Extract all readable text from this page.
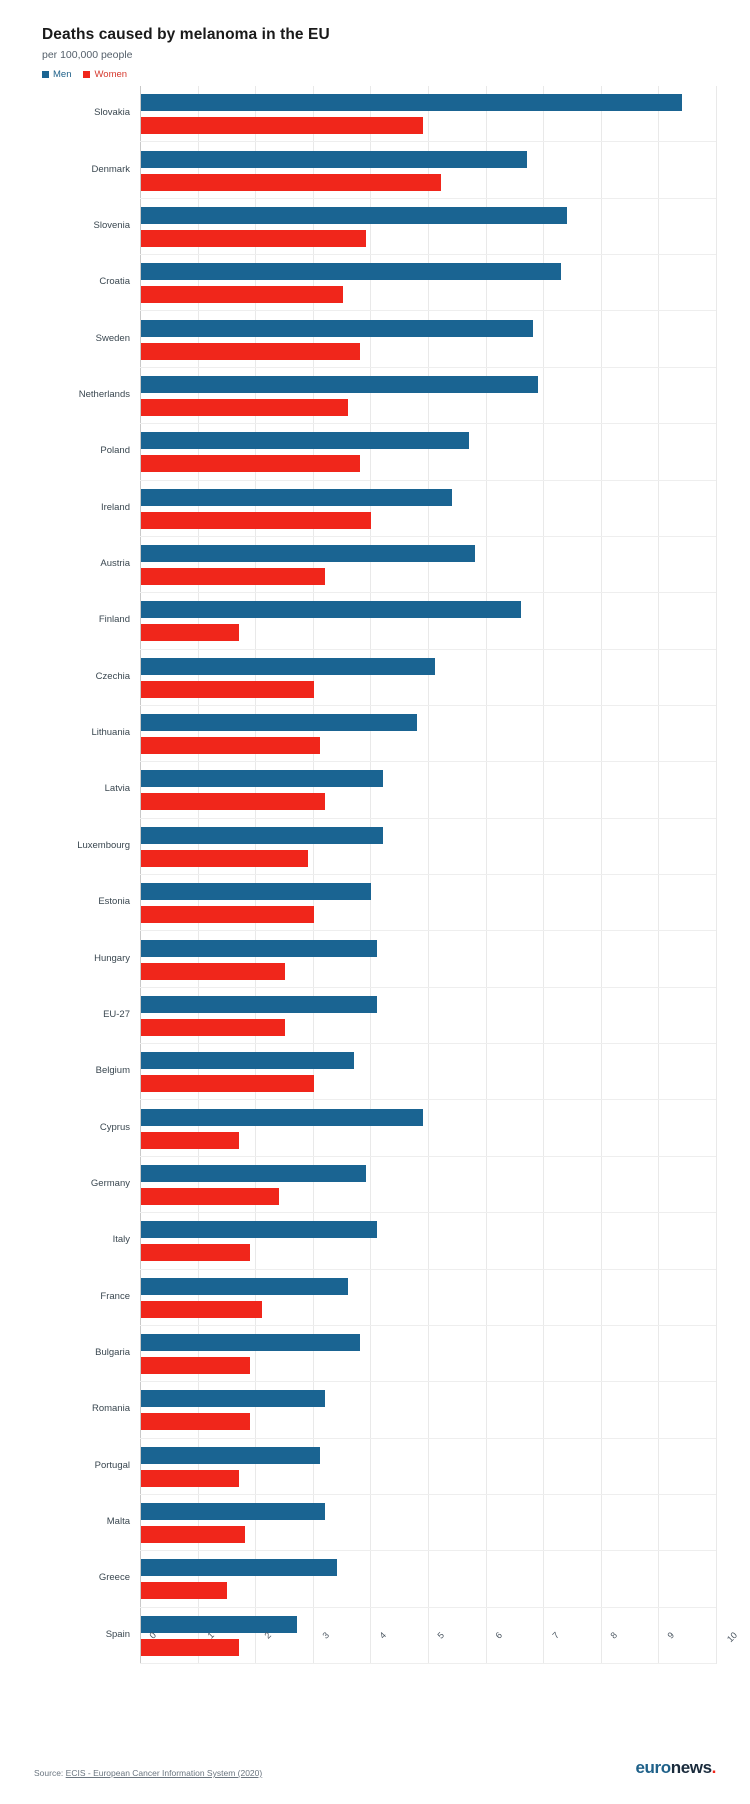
Deaths caused by melanoma in the EU
per 100,000 people
Men Women
Slovakia
Denmark
Slovenia
Croatia
Sweden
Netherlands
Poland
Ireland
Austria
Finland
Czechia
Lithuania
Latvia
Luxembourg
Estonia
Hungary
EU-27
Belgium
Cyprus
Germany
Italy
France
Bulgaria
Romania
Portugal
Malta
Greece
Spain 0	1	2	3	4	5	6	7	8	9	10
Source: ECIS - European Cancer Information System (2020)	euronews.
